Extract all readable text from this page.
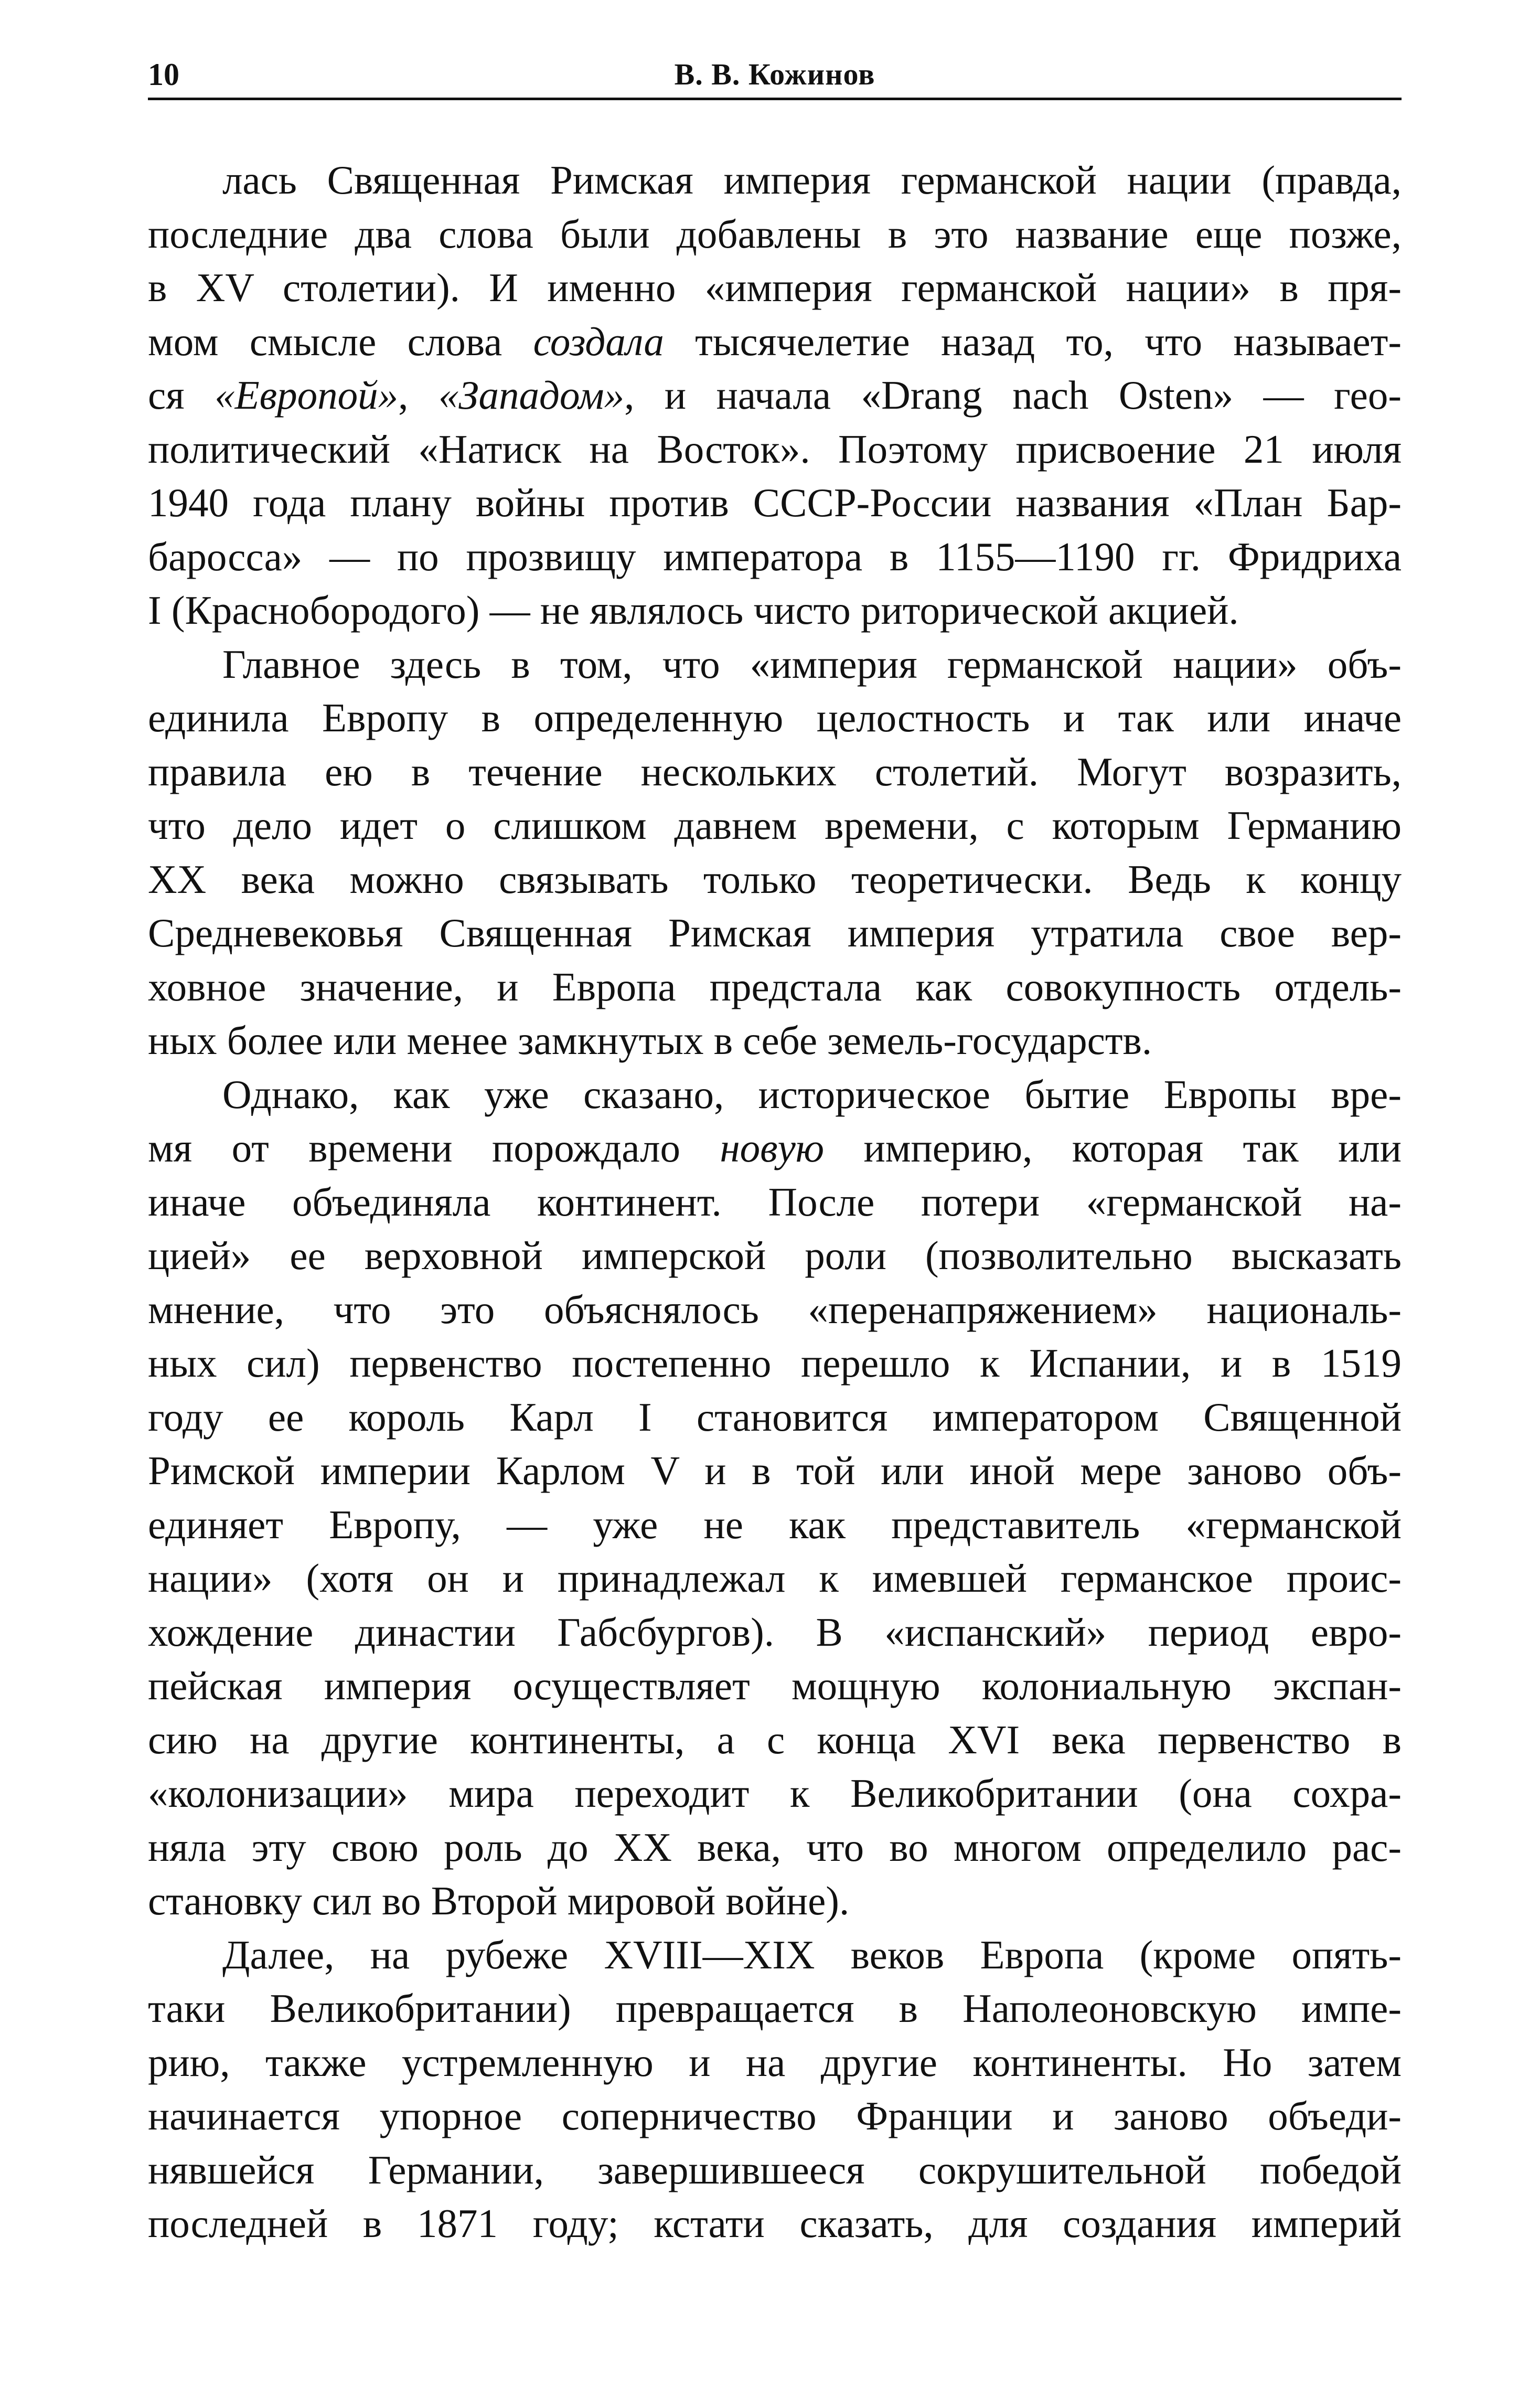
10	В. В. Кожинов

лась Священная Римская империя германской нации (правда,
последние два слова были добавлены в это название еще позже,
в XV столетии). И именно «империя германской нации» в пря-
мом смысле слова создала тысячелетие назад то, что называет-
ся «Европой», «Западом», и начала «Drang nach Osten» — гео-
политический «Натиск на Восток». Поэтому присвоение 21 июля
1940 года плану войны против СССР-России названия «План Бар-
баросса» — по прозвищу императора в 1155—1190 гг. Фридриха
I (Краснобородого) — не являлось чисто риторической акцией.

Главное здесь в том, что «империя германской нации» объ-
единила Европу в определенную целостность и так или иначе
правила ею в течение нескольких столетий. Могут возразить,
что дело идет о слишком давнем времени, с которым Германию
XX века можно связывать только теоретически. Ведь к концу
Средневековья Священная Римская империя утратила свое вер-
ховное значение, и Европа предстала как совокупность отдель-
ных более или менее замкнутых в себе земель-государств.

Однако, как уже сказано, историческое бытие Европы вре-
мя от времени порождало новую империю, которая так или
иначе объединяла континент. После потери «германской на-
цией» ее верховной имперской роли (позволительно высказать
мнение, что это объяснялось «перенапряжением» националь-
ных сил) первенство постепенно перешло к Испании, и в 1519
году ее король Карл I становится императором Священной
Римской империи Карлом V и в той или иной мере заново объ-
единяет Европу, — уже не как представитель «германской
нации» (хотя он и принадлежал к имевшей германское проис-
хождение династии Габсбургов). В «испанский» период евро-
пейская империя осуществляет мощную колониальную экспан-
сию на другие континенты, а с конца XVI века первенство в
«колонизации» мира переходит к Великобритании (она сохра-
няла эту свою роль до XX века, что во многом определило рас-
становку сил во Второй мировой войне).

Далее, на рубеже XVIII—XIX веков Европа (кроме опять-
таки Великобритании) превращается в Наполеоновскую импе-
рию, также устремленную и на другие континенты. Но затем
начинается упорное соперничество Франции и заново объеди-
нявшейся Германии, завершившееся сокрушительной победой
последней в 1871 году; кстати сказать, для создания империй
